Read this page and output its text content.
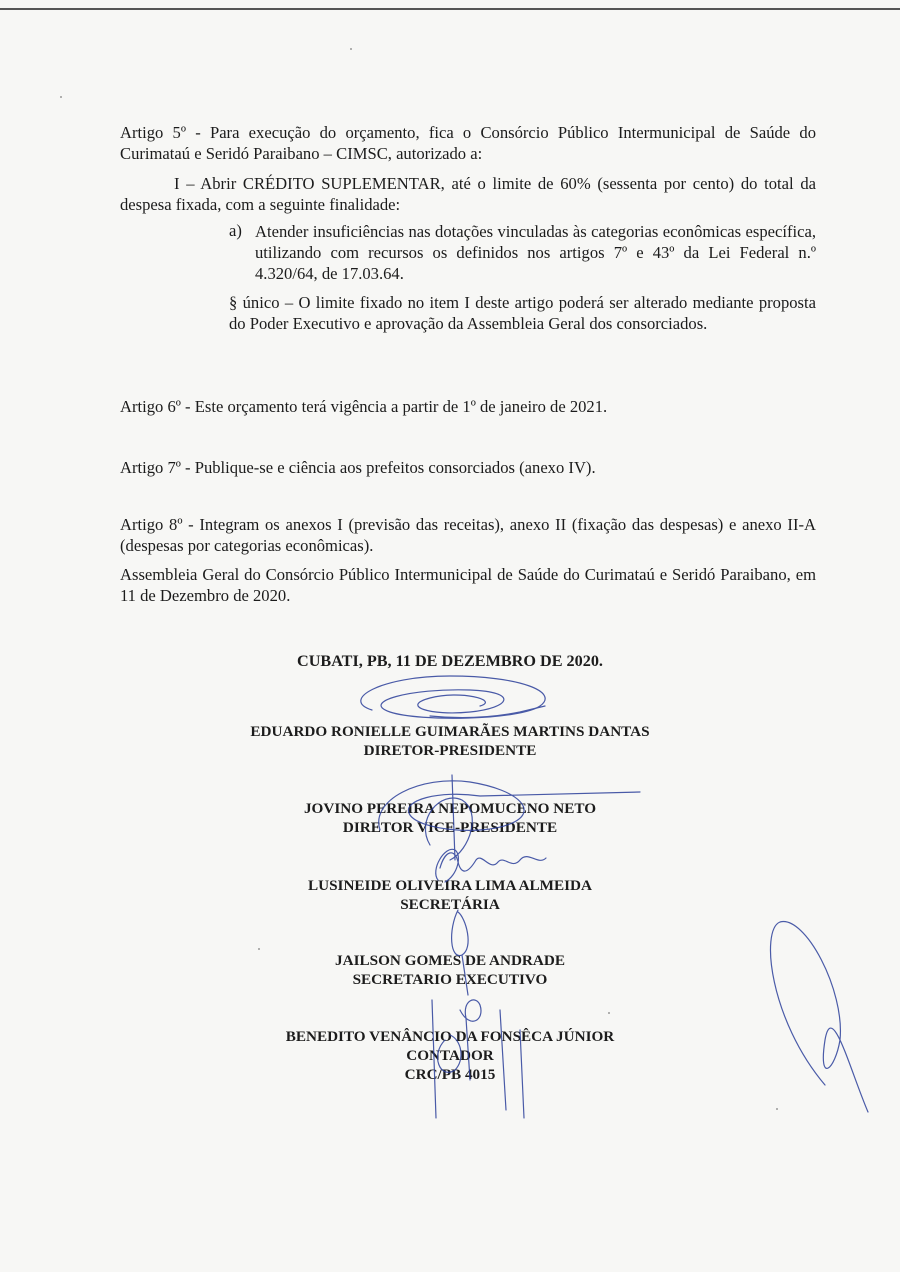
Artigo 5º - Para execução do orçamento, fica o Consórcio Público Intermunicipal de Saúde do Curimataú e Seridó Paraibano – CIMSC, autorizado a:

I – Abrir CRÉDITO SUPLEMENTAR, até o limite de 60% (sessenta por cento) do total da despesa fixada, com a seguinte finalidade:

a) Atender insuficiências nas dotações vinculadas às categorias econômicas específica, utilizando com recursos os definidos nos artigos 7º e 43º da Lei Federal n.º 4.320/64, de 17.03.64.

§ único – O limite fixado no item I deste artigo poderá ser alterado mediante proposta do Poder Executivo e aprovação da Assembleia Geral dos consorciados.

Artigo 6º - Este orçamento terá vigência a partir de 1º de janeiro de 2021.

Artigo 7º - Publique-se e ciência aos prefeitos consorciados (anexo IV).

Artigo 8º - Integram os anexos I (previsão das receitas), anexo II (fixação das despesas) e anexo II-A (despesas por categorias econômicas).

Assembleia Geral do Consórcio Público Intermunicipal de Saúde do Curimataú e Seridó Paraibano, em 11 de Dezembro de 2020.

CUBATI, PB, 11 DE DEZEMBRO DE 2020.
EDUARDO RONIELLE GUIMARÃES MARTINS DANTAS
DIRETOR-PRESIDENTE
JOVINO PEREIRA NEPOMUCENO NETO
DIRETOR VICE-PRESIDENTE
LUSINEIDE OLIVEIRA LIMA ALMEIDA
SECRETÁRIA
JAILSON GOMES DE ANDRADE
SECRETARIO EXECUTIVO
BENEDITO VENÂNCIO DA FONSÊCA JÚNIOR
CONTADOR
CRC/PB 4015
